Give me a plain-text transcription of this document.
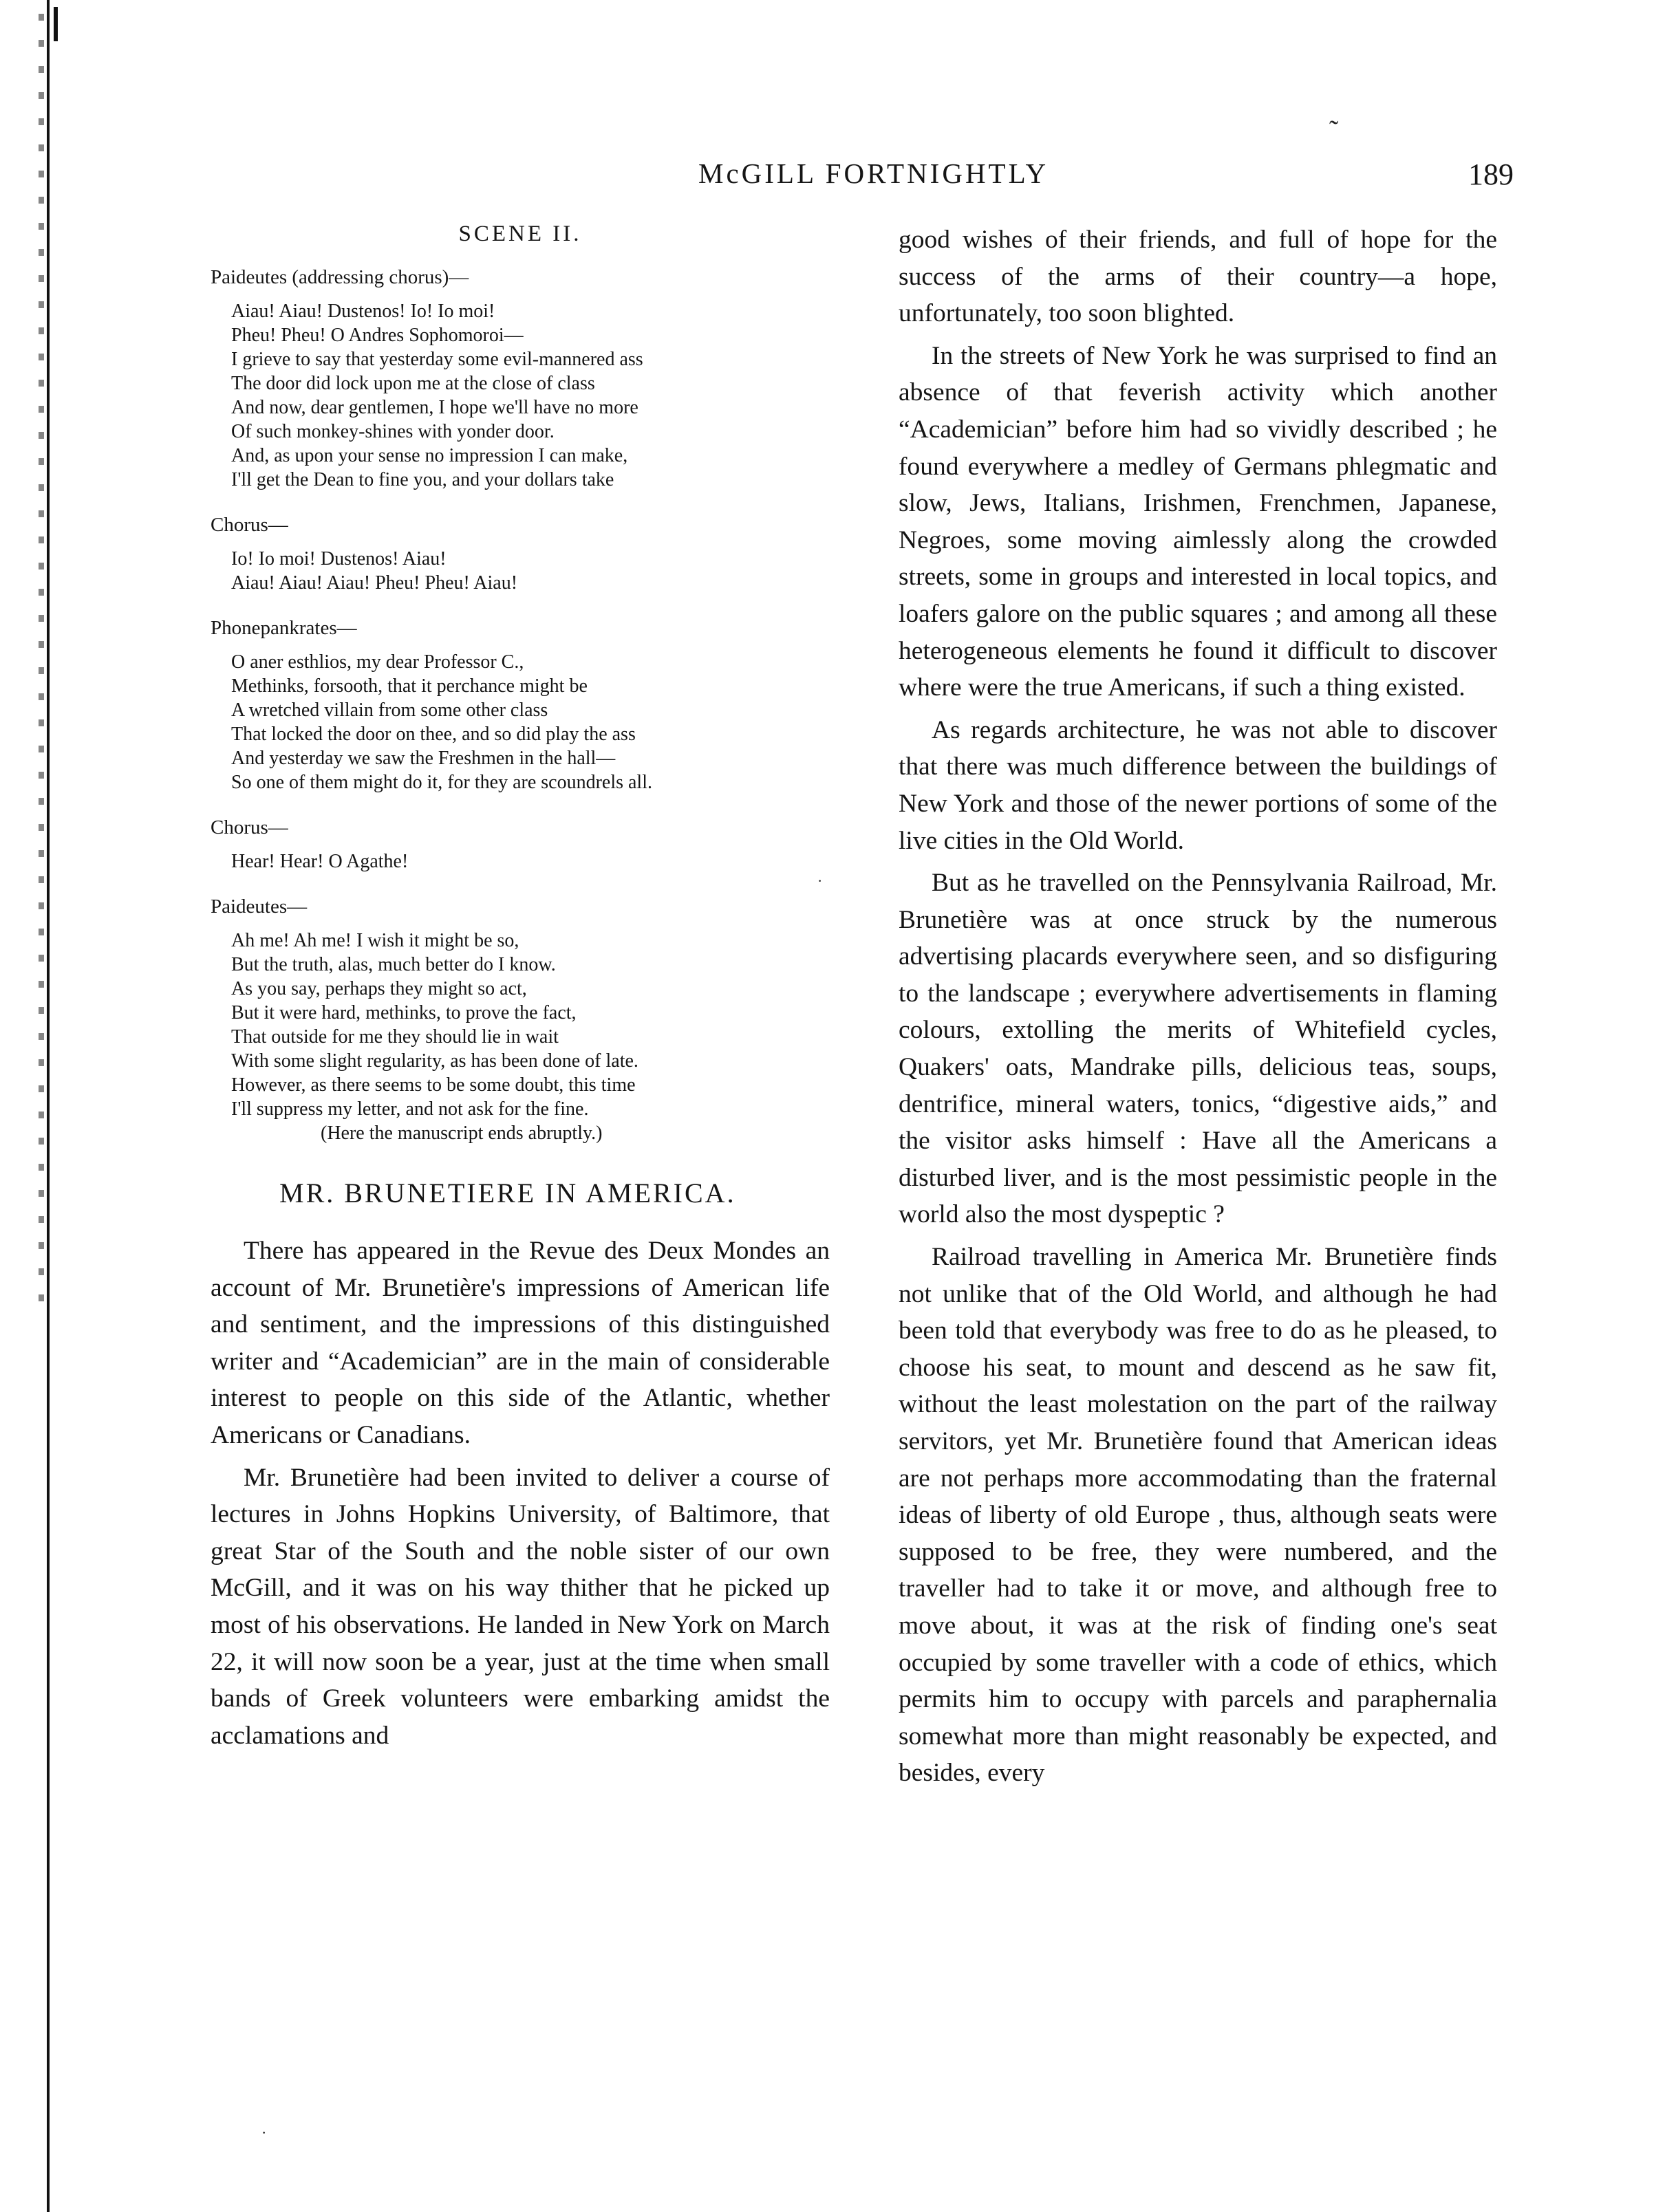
˷
·
·
McGILL FORTNIGHTLY	189
SCENE II.
Paideutes (addressing chorus)—
Aiau! Aiau! Dustenos! Io! Io moi!
Pheu! Pheu! O Andres Sophomoroi—
I grieve to say that yesterday some evil-mannered ass
The door did lock upon me at the close of class
And now, dear gentlemen, I hope we'll have no more
Of such monkey-shines with yonder door.
And, as upon your sense no impression I can make,
I'll get the Dean to fine you, and your dollars take
Chorus—
Io! Io moi! Dustenos! Aiau!
Aiau! Aiau! Aiau! Pheu! Pheu! Aiau!
Phonepankrates—
O aner esthlios, my dear Professor C.,
Methinks, forsooth, that it perchance might be
A wretched villain from some other class
That locked the door on thee, and so did play the ass
And yesterday we saw the Freshmen in the hall—
So one of them might do it, for they are scoundrels all.
Chorus—
Hear! Hear! O Agathe!
Paideutes—
Ah me! Ah me! I wish it might be so,
But the truth, alas, much better do I know.
As you say, perhaps they might so act,
But it were hard, methinks, to prove the fact,
That outside for me they should lie in wait
With some slight regularity, as has been done of late.
However, as there seems to be some doubt, this time
I'll suppress my letter, and not ask for the fine.
(Here the manuscript ends abruptly.)
MR. BRUNETIERE IN AMERICA.

There has appeared in the Revue des Deux Mondes an account of Mr. Brunetière's impressions of American life and sentiment, and the impressions of this distinguished writer and “Academician” are in the main of considerable interest to people on this side of the Atlantic, whether Americans or Canadians.

Mr. Brunetière had been invited to deliver a course of lectures in Johns Hopkins University, of Baltimore, that great Star of the South and the noble sister of our own McGill, and it was on his way thither that he picked up most of his observations. He landed in New York on March 22, it will now soon be a year, just at the time when small bands of Greek volunteers were embarking amidst the acclamations and

good wishes of their friends, and full of hope for the success of the arms of their country—a hope, unfortunately, too soon blighted.

In the streets of New York he was surprised to find an absence of that feverish activity which another “Academician” before him had so vividly described ; he found everywhere a medley of Germans phlegmatic and slow, Jews, Italians, Irishmen, Frenchmen, Japanese, Negroes, some moving aimlessly along the crowded streets, some in groups and interested in local topics, and loafers galore on the public squares ; and among all these heterogeneous elements he found it difficult to discover where were the true Americans, if such a thing existed.

As regards architecture, he was not able to discover that there was much difference between the buildings of New York and those of the newer portions of some of the live cities in the Old World.

But as he travelled on the Pennsylvania Railroad, Mr. Brunetière was at once struck by the numerous advertising placards everywhere seen, and so disfiguring to the landscape ; everywhere advertisements in flaming colours, extolling the merits of Whitefield cycles, Quakers' oats, Mandrake pills, delicious teas, soups, dentrifice, mineral waters, tonics, “digestive aids,” and the visitor asks himself : Have all the Americans a disturbed liver, and is the most pessimistic people in the world also the most dyspeptic ?

Railroad travelling in America Mr. Brunetière finds not unlike that of the Old World, and although he had been told that everybody was free to do as he pleased, to choose his seat, to mount and descend as he saw fit, without the least molestation on the part of the railway servitors, yet Mr. Brunetière found that American ideas are not perhaps more accommodating than the fraternal ideas of liberty of old Europe , thus, although seats were supposed to be free, they were numbered, and the traveller had to take it or move, and although free to move about, it was at the risk of finding one's seat occupied by some traveller with a code of ethics, which permits him to occupy with parcels and paraphernalia somewhat more than might reasonably be expected, and besides, every
